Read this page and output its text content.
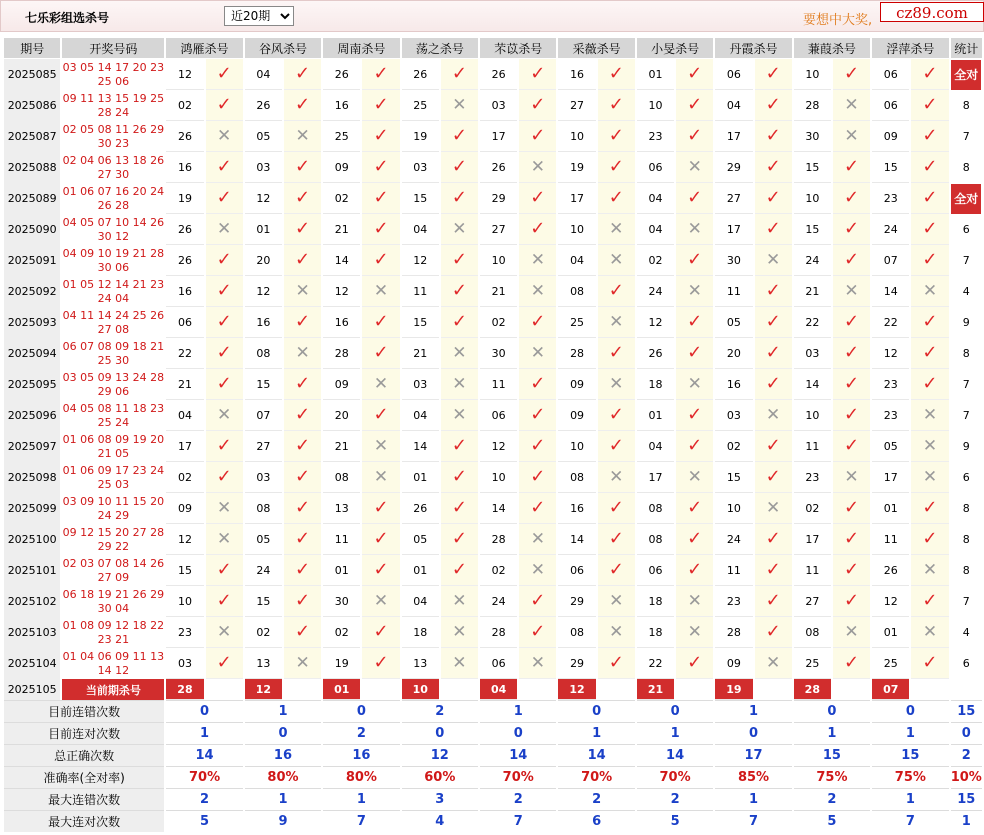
七乐彩组选杀号
近20期	要想中大奖,	cz89.com
期号	开奖号码	鸿雁杀号		谷风杀号		周南杀号		荡之杀号		芣苡杀号		采薇杀号		小旻杀号		丹霞杀号		蒹葭杀号		浮萍杀号		统计
2025085	03 05 14 17 20 23
25 06	12	✓	04	✓	26	✓	26	✓	26	✓	16	✓	01	✓	06	✓	10	✓	06	✓	全对
2025086	09 11 13 15 19 25
28 24	02	✓	26	✓	16	✓	25	✕	03	✓	27	✓	10	✓	04	✓	28	✕	06	✓	8
2025087	02 05 08 11 26 29
30 23	26	✕	05	✕	25	✓	19	✓	17	✓	10	✓	23	✓	17	✓	30	✕	09	✓	7
2025088	02 04 06 13 18 26
27 30	16	✓	03	✓	09	✓	03	✓	26	✕	19	✓	06	✕	29	✓	15	✓	15	✓	8
2025089	01 06 07 16 20 24
26 28	19	✓	12	✓	02	✓	15	✓	29	✓	17	✓	04	✓	27	✓	10	✓	23	✓	全对
2025090	04 05 07 10 14 26
30 12	26	✕	01	✓	21	✓	04	✕	27	✓	10	✕	04	✕	17	✓	15	✓	24	✓	6
2025091	04 09 10 19 21 28
30 06	26	✓	20	✓	14	✓	12	✓	10	✕	04	✕	02	✓	30	✕	24	✓	07	✓	7
2025092	01 05 12 14 21 23
24 04	16	✓	12	✕	12	✕	11	✓	21	✕	08	✓	24	✕	11	✓	21	✕	14	✕	4
2025093	04 11 14 24 25 26
27 08	06	✓	16	✓	16	✓	15	✓	02	✓	25	✕	12	✓	05	✓	22	✓	22	✓	9
2025094	06 07 08 09 18 21
25 30	22	✓	08	✕	28	✓	21	✕	30	✕	28	✓	26	✓	20	✓	03	✓	12	✓	8
2025095	03 05 09 13 24 28
29 06	21	✓	15	✓	09	✕	03	✕	11	✓	09	✕	18	✕	16	✓	14	✓	23	✓	7
2025096	04 05 08 11 18 23
25 24	04	✕	07	✓	20	✓	04	✕	06	✓	09	✓	01	✓	03	✕	10	✓	23	✕	7
2025097	01 06 08 09 19 20
21 05	17	✓	27	✓	21	✕	14	✓	12	✓	10	✓	04	✓	02	✓	11	✓	05	✕	9
2025098	01 06 09 17 23 24
25 03	02	✓	03	✓	08	✕	01	✓	10	✓	08	✕	17	✕	15	✓	23	✕	17	✕	6
2025099	03 09 10 11 15 20
24 29	09	✕	08	✓	13	✓	26	✓	14	✓	16	✓	08	✓	10	✕	02	✓	01	✓	8
2025100	09 12 15 20 27 28
29 22	12	✕	05	✓	11	✓	05	✓	28	✕	14	✓	08	✓	24	✓	17	✓	11	✓	8
2025101	02 03 07 08 14 26
27 09	15	✓	24	✓	01	✓	01	✓	02	✕	06	✓	06	✓	11	✓	11	✓	26	✕	8
2025102	06 18 19 21 26 29
30 04	10	✓	15	✓	30	✕	04	✕	24	✓	29	✕	18	✕	23	✓	27	✓	12	✓	7
2025103	01 08 09 12 18 22
23 21	23	✕	02	✓	02	✓	18	✕	28	✓	08	✕	18	✕	28	✓	08	✕	01	✕	4
2025104	01 04 06 09 11 13
14 12	03	✓	13	✕	19	✓	13	✕	06	✕	29	✓	22	✓	09	✕	25	✓	25	✓	6
2025105	当前期杀号	28		12		01		10		04		12		21		19		28		07		
目前连错次数		0		1		0		2		1		0		0		1		0		0		15
目前连对次数		1		0		2		0		0		1		1		0		1		1		0
总正确次数		14		16		16		12		14		14		14		17		15		15		2
准确率(全对率)		70%		80%		80%		60%		70%		70%		70%		85%		75%		75%		10%
最大连错次数		2		1		1		3		2		2		2		1		2		1		15
最大连对次数		5		9		7		4		7		6		5		7		5		7		1
